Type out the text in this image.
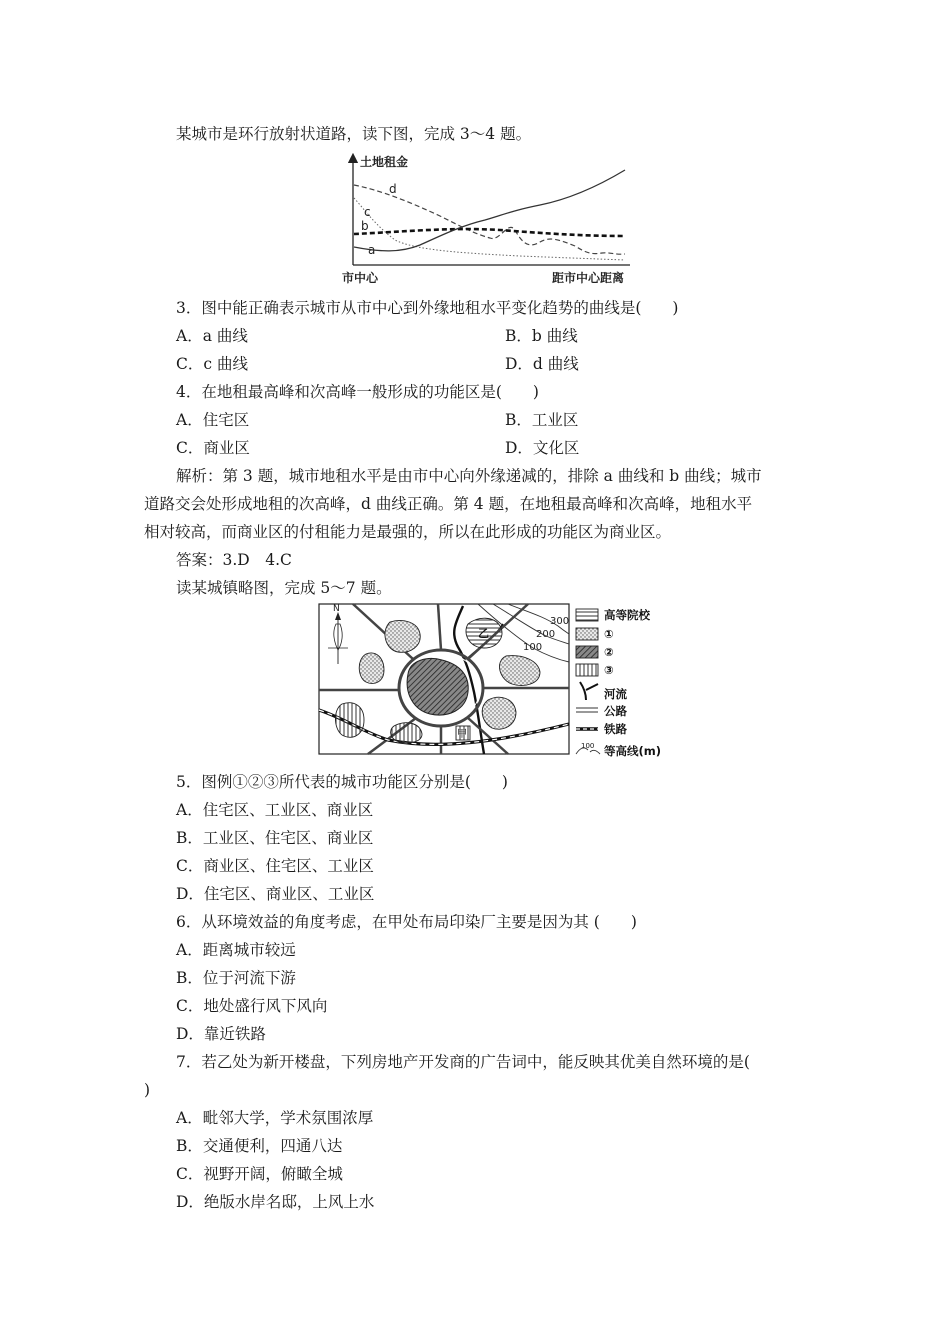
某城市是环行放射状道路，读下图，完成 3～4 题。
土地租金
d
c
b
a
市中心	距市中心距离
3．图中能正确表示城市从市中心到外缘地租水平变化趋势的曲线是(　　)
A．a 曲线	B．b 曲线
C．c 曲线	D．d 曲线
4．在地租最高峰和次高峰一般形成的功能区是(　　)
A．住宅区	B．工业区
C．商业区	D．文化区
解析：第 3 题，城市地租水平是由市中心向外缘递减的，排除 a 曲线和 b 曲线；城市
道路交会处形成地租的次高峰，d 曲线正确。第 4 题，在地租最高峰和次高峰，地租水平
相对较高，而商业区的付租能力是最强的，所以在此形成的功能区为商业区。
答案：3.D　4.C
读某城镇略图，完成 5～7 题。
300
200
100
乙
甲
N	高等院校
①
②
③
河流
公路
铁路
100 等高线(m)
5．图例①②③所代表的城市功能区分别是(　　)
A．住宅区、工业区、商业区
B．工业区、住宅区、商业区
C．商业区、住宅区、工业区
D．住宅区、商业区、工业区
6．从环境效益的角度考虑，在甲处布局印染厂主要是因为其 (　　)
A．距离城市较远
B．位于河流下游
C．地处盛行风下风向
D．靠近铁路
7．若乙处为新开楼盘，下列房地产开发商的广告词中，能反映其优美自然环境的是(
)
A．毗邻大学，学术氛围浓厚
B．交通便利，四通八达
C．视野开阔，俯瞰全城
D．绝版水岸名邸，上风上水
